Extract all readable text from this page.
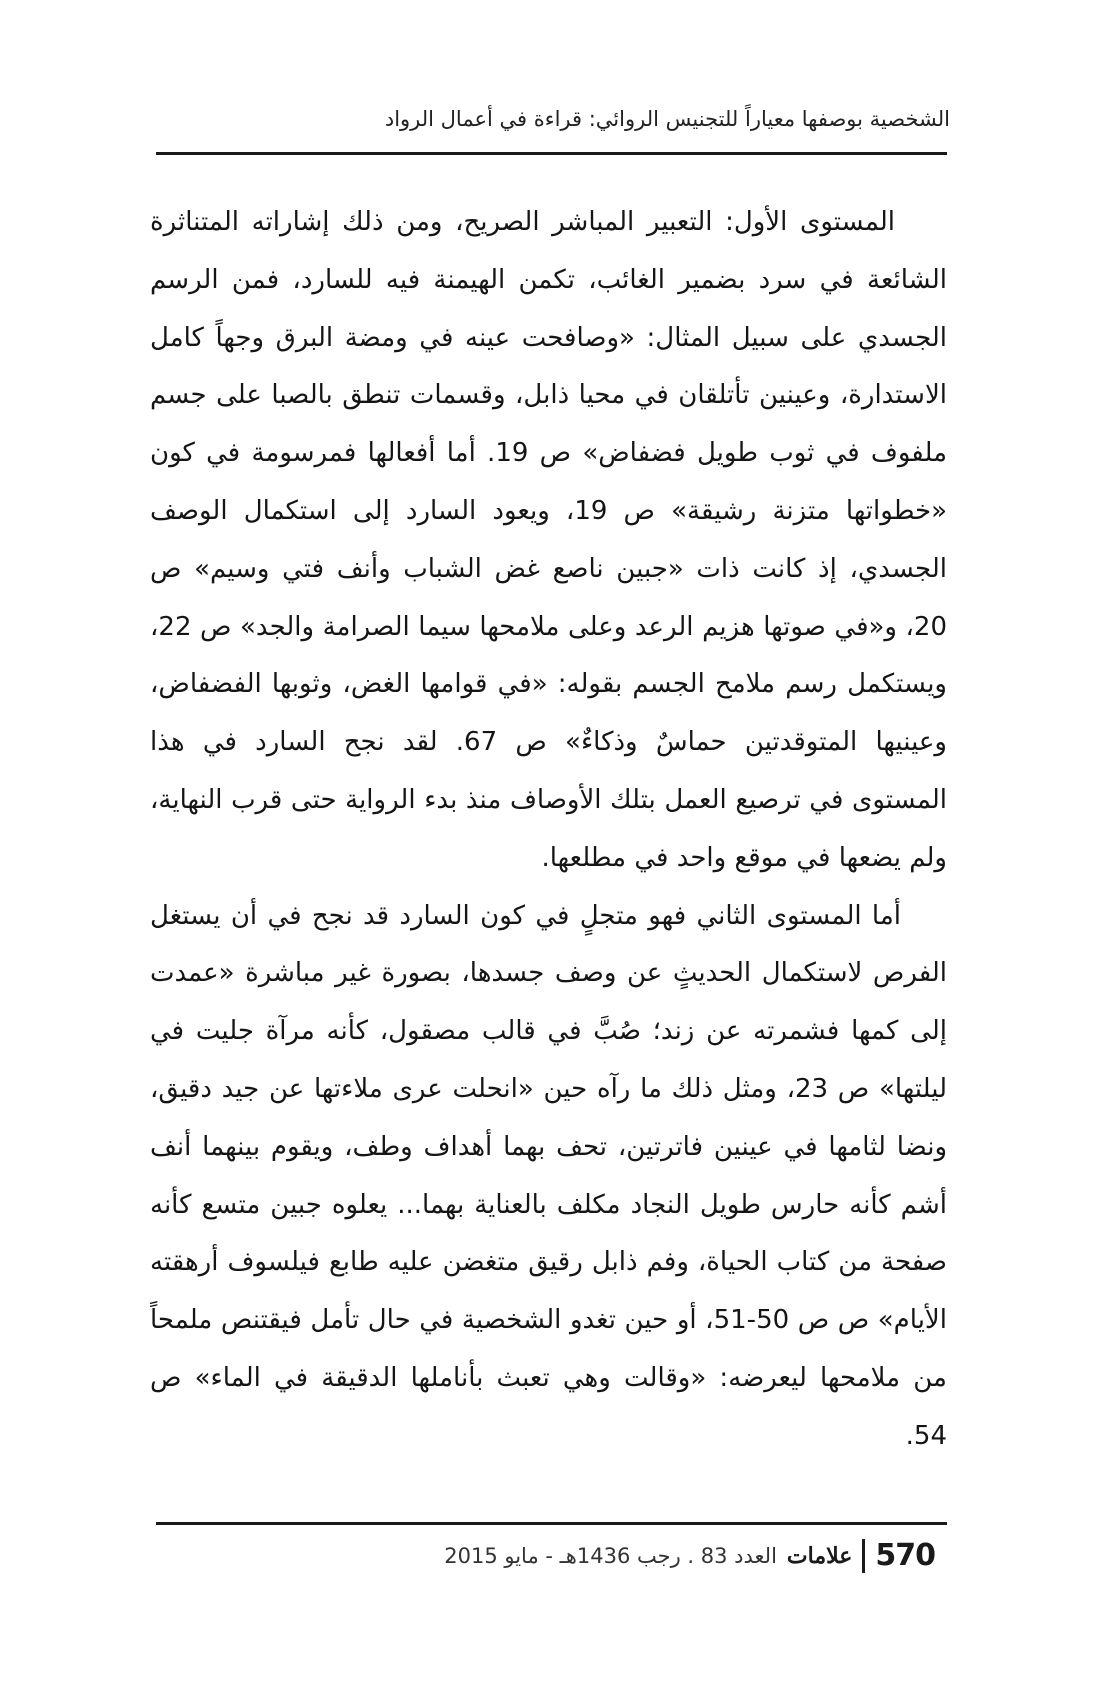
الشخصية بوصفها معياراً للتجنيس الروائي: قراءة في أعمال الرواد

المستوى الأول: التعبير المباشر الصريح، ومن ذلك إشاراته المتناثرة الشائعة في سرد بضمير الغائب، تكمن الهيمنة فيه للسارد، فمن الرسم الجسدي على سبيل المثال: «وصافحت عينه في ومضة البرق وجهاً كامل الاستدارة، وعينين تأتلقان في محيا ذابل، وقسمات تنطق بالصبا على جسم ملفوف في ثوب طويل فضفاض» ص 19. أما أفعالها فمرسومة في كون «خطواتها متزنة رشيقة» ص 19، ويعود السارد إلى استكمال الوصف الجسدي، إذ كانت ذات «جبين ناصع غض الشباب وأنف فتي وسيم» ص 20، و«في صوتها هزيم الرعد وعلى ملامحها سيما الصرامة والجد» ص 22، ويستكمل رسم ملامح الجسم بقوله: «في قوامها الغض، وثوبها الفضفاض، وعينيها المتوقدتين حماسٌ وذكاءٌ» ص 67. لقد نجح السارد في هذا المستوى في ترصيع العمل بتلك الأوصاف منذ بدء الرواية حتى قرب النهاية، ولم يضعها في موقع واحد في مطلعها.

أما المستوى الثاني فهو متجلٍ في كون السارد قد نجح في أن يستغل الفرص لاستكمال الحديثٍ عن وصف جسدها، بصورة غير مباشرة «عمدت إلى كمها فشمرته عن زند؛ صُبَّ في قالب مصقول، كأنه مرآة جليت في ليلتها» ص 23، ومثل ذلك ما رآه حين «انحلت عرى ملاءتها عن جيد دقيق، ونضا لثامها في عينين فاترتين، تحف بهما أهداف وطف، ويقوم بينهما أنف أشم كأنه حارس طويل النجاد مكلف بالعناية بهما... يعلوه جبين متسع كأنه صفحة من كتاب الحياة، وفم ذابل رقيق متغضن عليه طابع فيلسوف أرهقته الأيام» ص ص 50-51، أو حين تغدو الشخصية في حال تأمل فيقتنص ملمحاً من ملامحها ليعرضه: «وقالت وهي تعبث بأناملها الدقيقة في الماء» ص 54.

العدد 83 . رجب 1436هـ - مايو 2015 علامات 570
